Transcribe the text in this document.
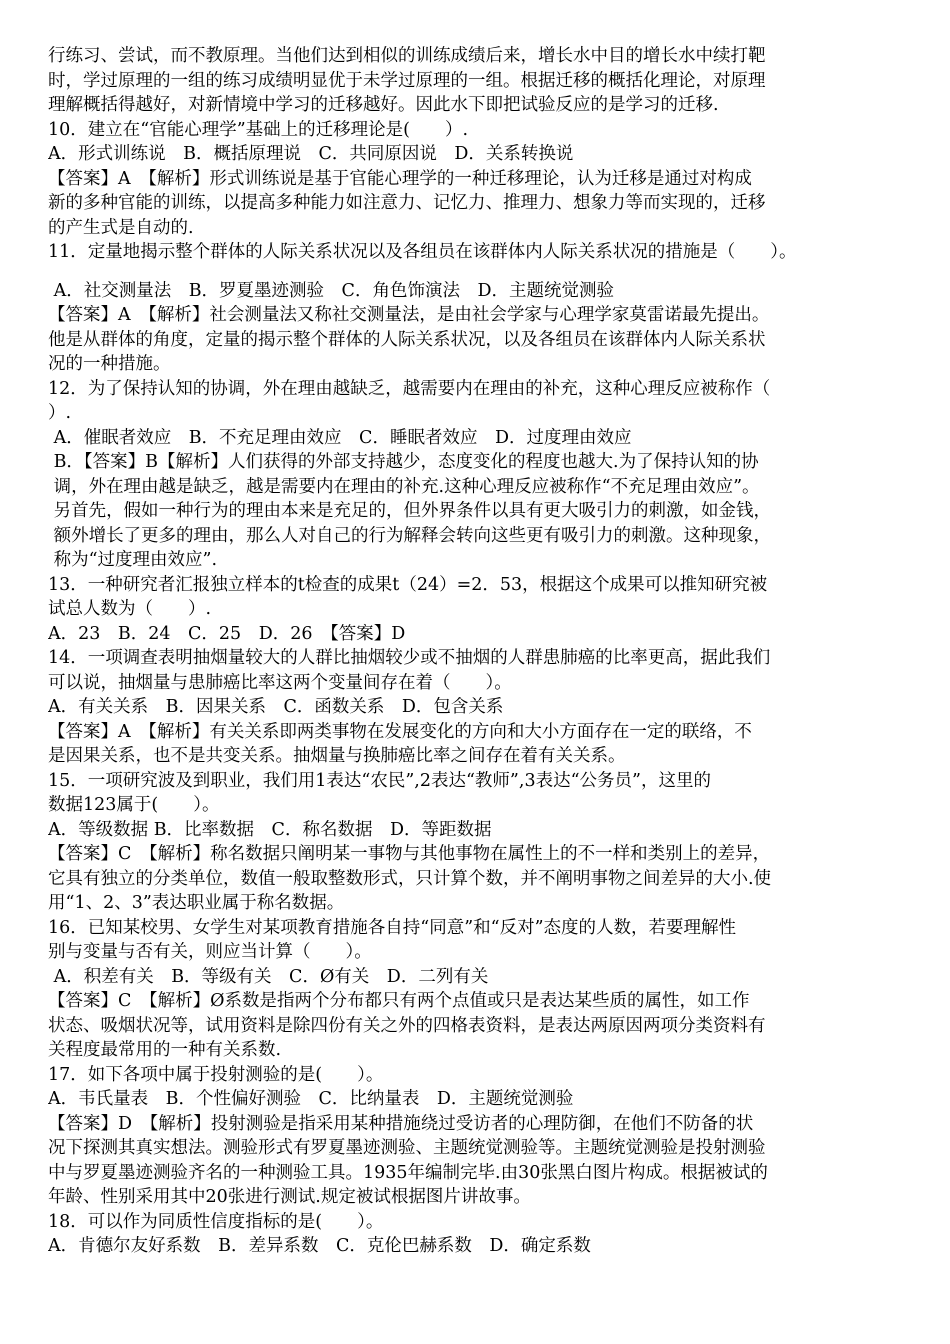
行练习、尝试，而不教原理。当他们达到相似的训练成绩后来，增长水中目的增长水中续打靶
时，学过原理的一组的练习成绩明显优于未学过原理的一组。根据迁移的概括化理论，对原理
理解概括得越好，对新情境中学习的迁移越好。因此水下即把试验反应的是学习的迁移.
10．建立在“官能心理学”基础上的迁移理论是(　　）.
A．形式训练说　B．概括原理说　C．共同原因说　D．关系转换说
【答案】A　【解析】形式训练说是基于官能心理学的一种迁移理论，认为迁移是通过对构成
新的多种官能的训练，以提高多种能力如注意力、记忆力、推理力、想象力等而实现的，迁移
的产生式是自动的.
11．定量地揭示整个群体的人际关系状况以及各组员在该群体内人际关系状况的措施是（　　）。
A．社交测量法　B．罗夏墨迹测验　C．角色饰演法　D．主题统觉测验
【答案】A　【解析】社会测量法又称社交测量法，是由社会学家与心理学家莫雷诺最先提出。
他是从群体的角度，定量的揭示整个群体的人际关系状况，以及各组员在该群体内人际关系状
况的一种措施。
12．为了保持认知的协调，外在理由越缺乏，越需要内在理由的补充，这种心理反应被称作（
）.
A．催眠者效应　B．不充足理由效应　C．睡眠者效应　D．过度理由效应
B．【答案】B【解析】人们获得的外部支持越少，态度变化的程度也越大.为了保持认知的协
调，外在理由越是缺乏，越是需要内在理由的补充.这种心理反应被称作“不充足理由效应”。
另首先，假如一种行为的理由本来是充足的，但外界条件以具有更大吸引力的刺激，如金钱，
额外增长了更多的理由，那么人对自己的行为解释会转向这些更有吸引力的刺激。这种现象，
称为“过度理由效应”.
13．一种研究者汇报独立样本的t检查的成果t（24）=2．53，根据这个成果可以推知研究被
试总人数为（　　）.
A．23　B．24　C．25　D．26　【答案】D
14．一项调查表明抽烟量较大的人群比抽烟较少或不抽烟的人群患肺癌的比率更高，据此我们
可以说，抽烟量与患肺癌比率这两个变量间存在着（　　）。
A．有关关系　B．因果关系　C．函数关系　D．包含关系
【答案】A　【解析】有关关系即两类事物在发展变化的方向和大小方面存在一定的联络，不
是因果关系，也不是共变关系。抽烟量与换肺癌比率之间存在着有关关系。
15．一项研究波及到职业，我们用1表达“农民”,2表达“教师”,3表达“公务员”，这里的
数据123属于(　　）。
A．等级数据 B．比率数据　C．称名数据　D．等距数据
【答案】C　【解析】称名数据只阐明某一事物与其他事物在属性上的不一样和类别上的差异，
它具有独立的分类单位，数值一般取整数形式，只计算个数，并不阐明事物之间差异的大小.使
用“1、2、3”表达职业属于称名数据。
16．已知某校男、女学生对某项教育措施各自持“同意”和“反对”态度的人数，若要理解性
别与变量与否有关，则应当计算（　　）。
A．积差有关　B．等级有关　C．Ø有关　D．二列有关
【答案】C　【解析】Ø系数是指两个分布都只有两个点值或只是表达某些质的属性，如工作
状态、吸烟状况等，试用资料是除四份有关之外的四格表资料，是表达两原因两项分类资料有
关程度最常用的一种有关系数.
17．如下各项中属于投射测验的是(　　）。
A．韦氏量表　B．个性偏好测验　C．比纳量表　D．主题统觉测验
【答案】D　【解析】投射测验是指采用某种措施绕过受访者的心理防御，在他们不防备的状
况下探测其真实想法。测验形式有罗夏墨迹测验、主题统觉测验等。主题统觉测验是投射测验
中与罗夏墨迹测验齐名的一种测验工具。1935年编制完毕.由30张黑白图片构成。根据被试的
年龄、性别采用其中20张进行测试.规定被试根据图片讲故事。
18．可以作为同质性信度指标的是(　　）。
A．肯德尔友好系数　B．差异系数　C．克伦巴赫系数　D．确定系数
